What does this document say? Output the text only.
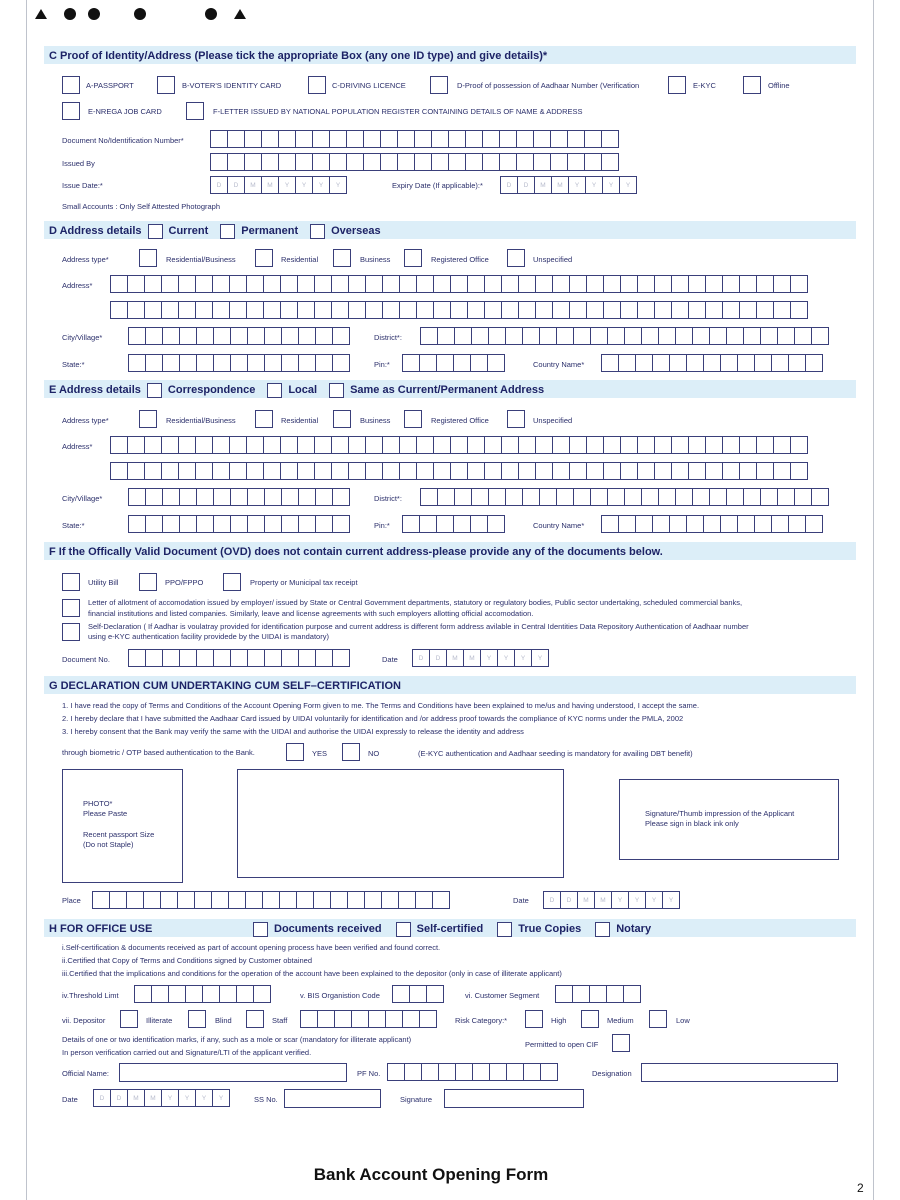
C Proof of Identity/Address (Please tick the appropriate Box (any one ID type) and give details)*
A-PASSPORT	B-VOTER'S IDENTITY CARD	C-DRIVING LICENCE	D-Proof of possession of Aadhaar Number (Verification	E-KYC	Offline
E-NREGA JOB CARD	F-LETTER ISSUED BY NATIONAL POPULATION REGISTER CONTAINING DETAILS OF NAME & ADDRESS
Document No/Identification Number*
Issued By
Issue Date:*	D	D	M	M	Y	Y	Y	Y	Expiry Date (If applicable):*	D	D	M	M	Y	Y	Y	Y
Small Accounts : Only Self Attested Photograph
D Address details Current	Permanent	Overseas
Address type*	Residential/Business	Residential	Business	Registered Office	Unspecified
Address*
City/Village*	District*:
State:*	Pin:*	Country Name*
E Address details Correspondence	Local	Same as Current/Permanent Address
Address type*	Residential/Business	Residential	Business	Registered Office	Unspecified
Address*
City/Village*	District*:
State:*	Pin:*	Country Name*
F If the Offically Valid Document (OVD) does not contain current address-please provide any of the documents below.
Utility Bill	PPO/FPPO	Property or Municipal tax receipt
Letter of allotment of accomodation issued by employer/ issued by State or Central Government departments, statutory or regulatory bodies, Public sector undertaking, scheduled commercial banks,
financial institutions and listed companies. Similarly, leave and license agreements with such employers allotting official accomodation.
Self-Declaration ( If Aadhar is voulatray provided for identification purpose and current address is different form address avilable in Central Identities Data Repository Authentication of Aadhaar number
using e-KYC authentication facility providede by the UIDAI is mandatory)
Document No.	Date	D	D	M	M	Y	Y	Y	Y
G DECLARATION CUM UNDERTAKING CUM SELF–CERTIFICATION
1. I have read the copy of Terms and Conditions of the Account Opening Form given to me. The Terms and Conditions have been explained to me/us and having understood, I accept the same.
2. I hereby declare that I have submitted the Aadhaar Card issued by UIDAI voluntarily for identification and /or address proof towards the compliance of KYC norms under the PMLA, 2002
3. I hereby consent that the Bank may verify the same with the UIDAI and authorise the UIDAI expressly to release the identity and address
through biometric / OTP based authentication to the Bank.	YES	NO	(E-KYC authentication and Aadhaar seeding is mandatory for availing DBT benefit)
PHOTO*
Please Paste
Recent passport Size
(Do not Staple)
Signature/Thumb impression of the Applicant
Please sign in black ink only
Place	Date	D	D	M	M	Y	Y	Y	Y
H FOR OFFICE USE	Documents received	Self-certified	True Copies	Notary
i.Self-certification & documents received as part of account opening process have been verified and found correct.
ii.Certified that Copy of Terms and Conditions signed by Customer obtained
iii.Certified that the implications and conditions for the operation of the account have been explained to the depositor (only in case of illiterate applicant)
iv.Threshold Limt	v. BIS Organistion Code	vi. Customer Segment
vii. Depositor	Illiterate	Blind	Staff	Risk Category:*	High	Medium	Low
Details of one or two identification marks, if any, such as a mole or scar (mandatory for illiterate applicant)
In person verification carried out and Signature/LTI of the applicant verified.
Permitted to open CIF
Official Name:	PF No.	Designation
Date	D	D	M	M	Y	Y	Y	Y	SS No.	Signature
Bank Account Opening Form
2
